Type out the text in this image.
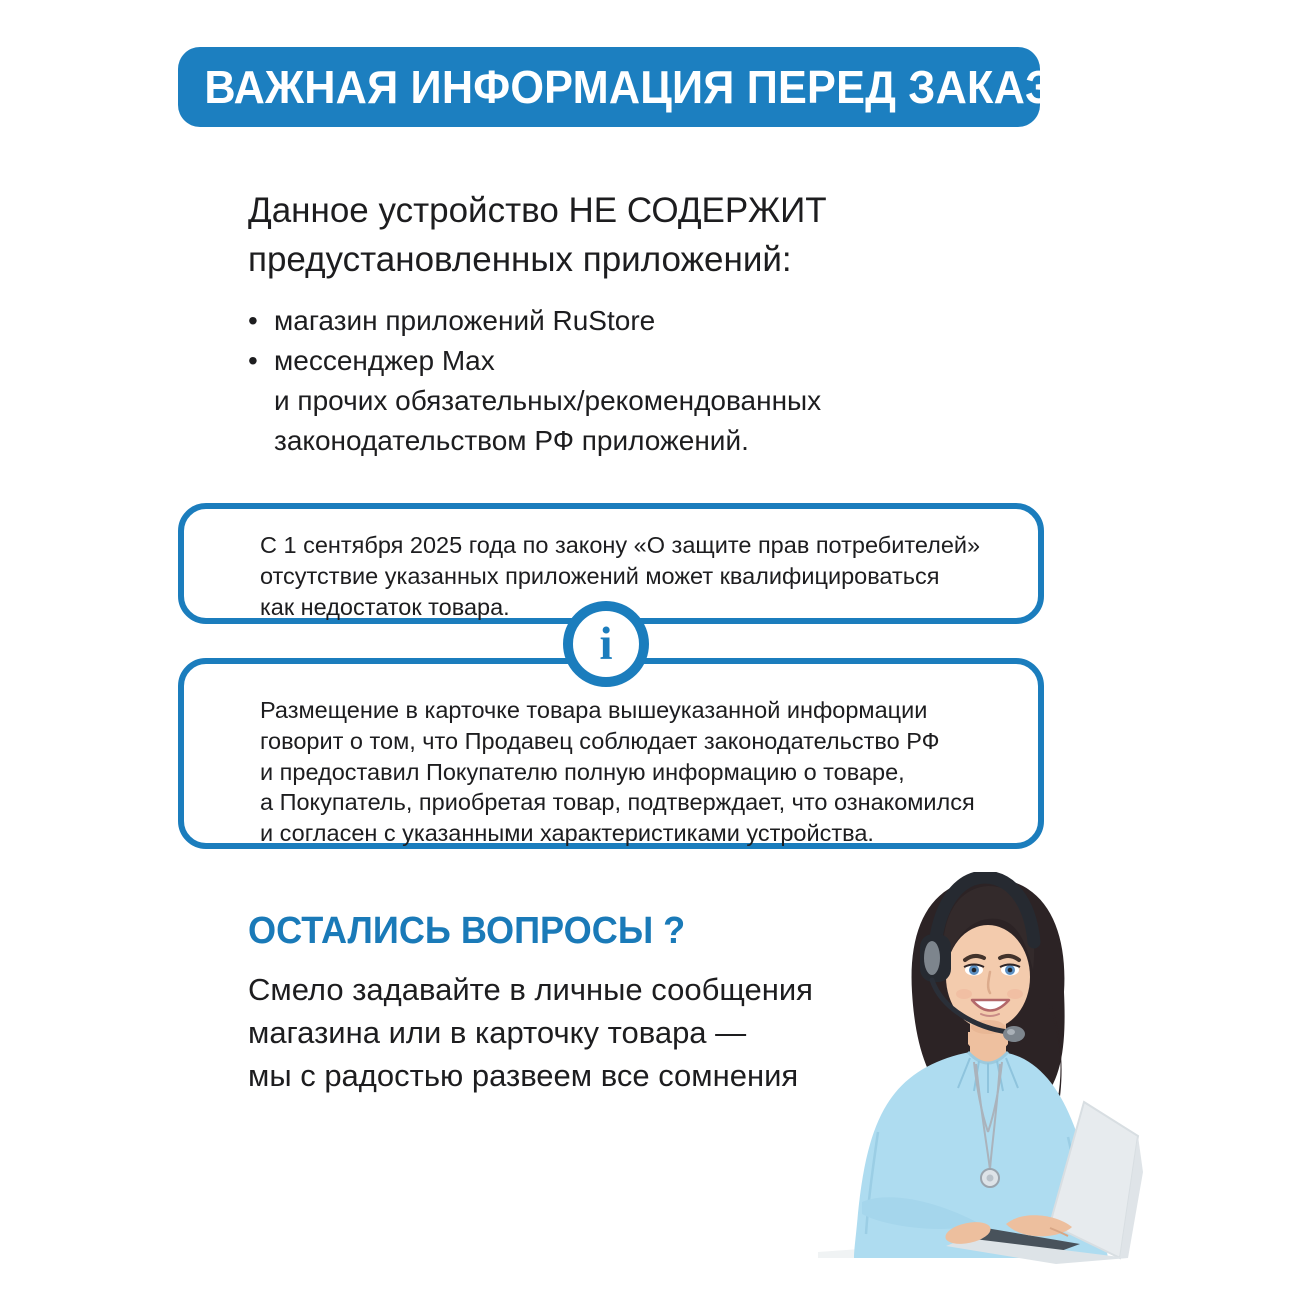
ВАЖНАЯ ИНФОРМАЦИЯ ПЕРЕД ЗАКАЗОМ:
Данное устройство НЕ СОДЕРЖИТ
предустановленных приложений:
• магазин приложений RuStore
• мессенджер Max
и прочих обязательных/рекомендованных
законодательством РФ приложений.
С 1 сентября 2025 года по закону «О защите прав потребителей»
отсутствие указанных приложений может квалифицироваться
как недостаток товара.
i
Размещение в карточке товара вышеуказанной информации
говорит о том, что Продавец соблюдает законодательство РФ
и предоставил Покупателю полную информацию о товаре,
а Покупатель, приобретая товар, подтверждает, что ознакомился
и согласен с указанными характеристиками устройства.
ОСТАЛИСЬ ВОПРОСЫ ?
Смело задавайте в личные сообщения
магазина или в карточку товара —
мы с радостью развеем все сомнения
